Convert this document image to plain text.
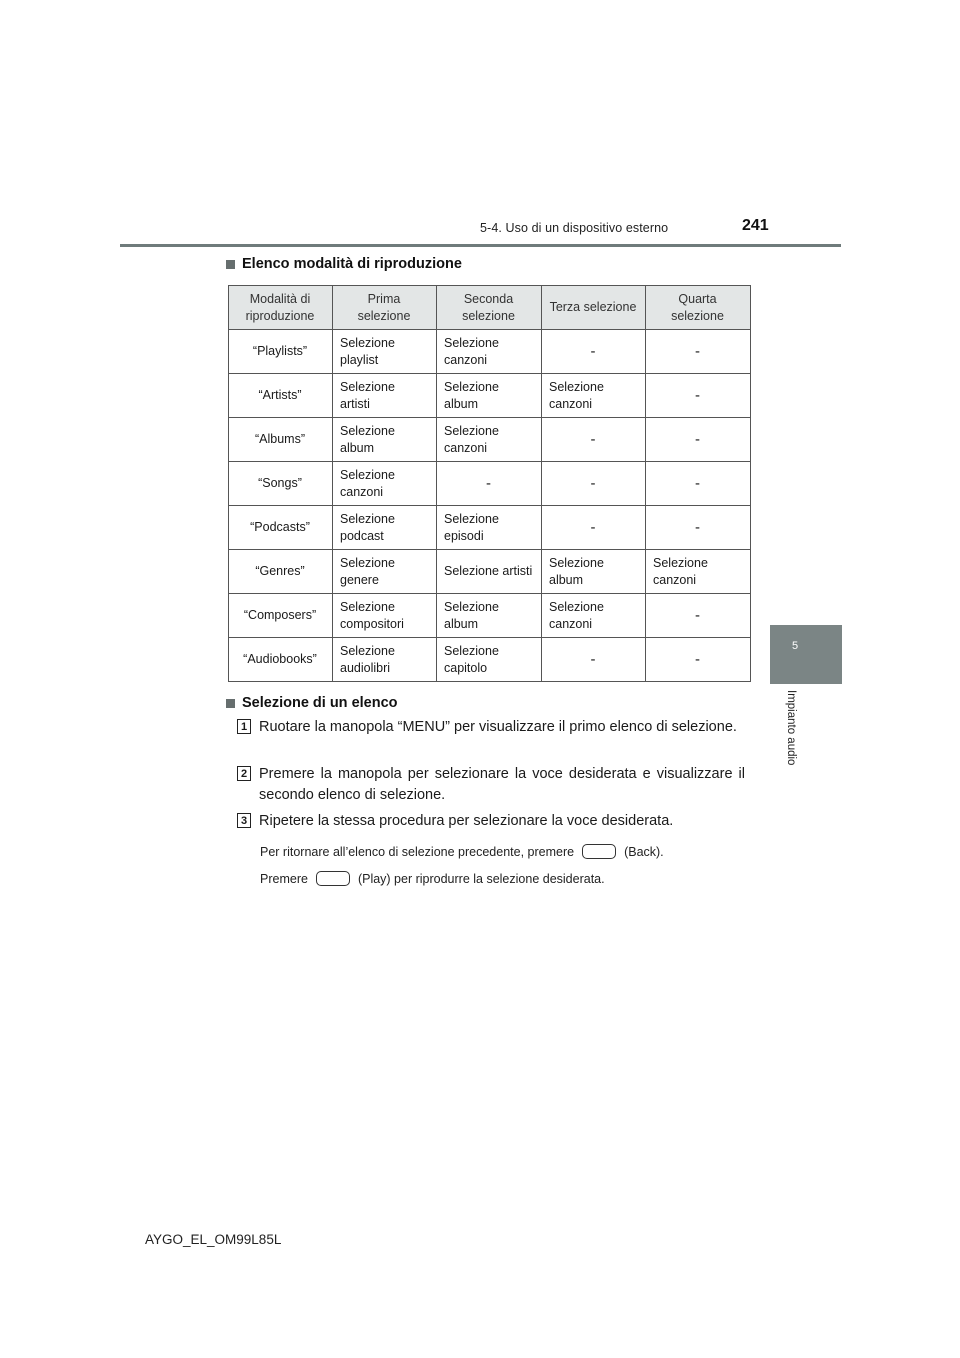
5-4. Uso di un dispositivo esterno	241
5
Impianto audio
Elenco modalità di riproduzione
Modalità di riproduzione	Prima selezione	Seconda selezione	Terza selezione	Quarta selezione
“Playlists”	Selezione playlist	Selezione canzoni	-	-
“Artists”	Selezione artisti	Selezione album	Selezione canzoni	-
“Albums”	Selezione album	Selezione canzoni	-	-
“Songs”	Selezione canzoni	-	-	-
“Podcasts”	Selezione podcast	Selezione episodi	-	-
“Genres”	Selezione genere	Selezione artisti	Selezione album	Selezione canzoni
“Composers”	Selezione compositori	Selezione album	Selezione canzoni	-
“Audiobooks”	Selezione audiolibri	Selezione capitolo	-	-
Selezione di un elenco
1 Ruotare la manopola “MENU” per visualizzare il primo elenco di selezione.
2 Premere la manopola per selezionare la voce desiderata e visualizzare il secondo elenco di selezione.
3 Ripetere la stessa procedura per selezionare la voce desiderata.
Per ritornare all’elenco di selezione precedente, premere	(Back).
Premere	(Play) per riprodurre la selezione desiderata.
AYGO_EL_OM99L85L
